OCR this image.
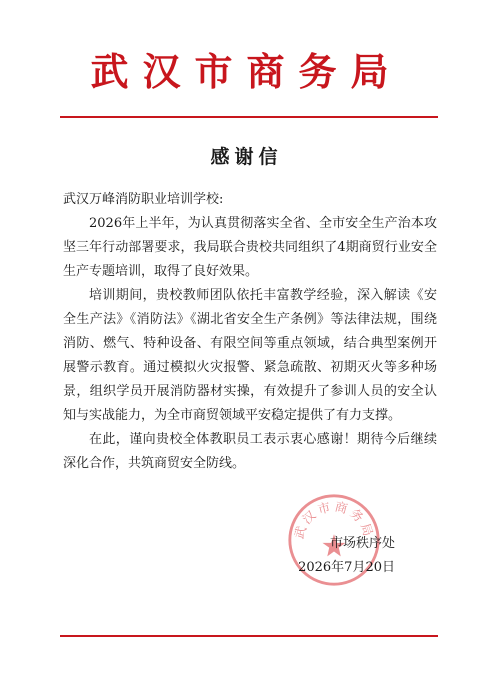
武汉市商务局
感谢信

武汉万峰消防职业培训学校:

2026年上半年，为认真贯彻落实全省、全市安全生产治本攻坚三年行动部署要求，我局联合贵校共同组织了4期商贸行业安全生产专题培训，取得了良好效果。

培训期间，贵校教师团队依托丰富教学经验，深入解读《安全生产法》《消防法》《湖北省安全生产条例》等法律法规，围绕消防、燃气、特种设备、有限空间等重点领域，结合典型案例开展警示教育。通过模拟火灾报警、紧急疏散、初期灭火等多种场景，组织学员开展消防器材实操，有效提升了参训人员的安全认知与实战能力，为全市商贸领域平安稳定提供了有力支撑。

在此，谨向贵校全体教职员工表示衷心感谢！期待今后继续深化合作，共筑商贸安全防线。

武汉市商务局
市场秩序处
2026年7月20日
